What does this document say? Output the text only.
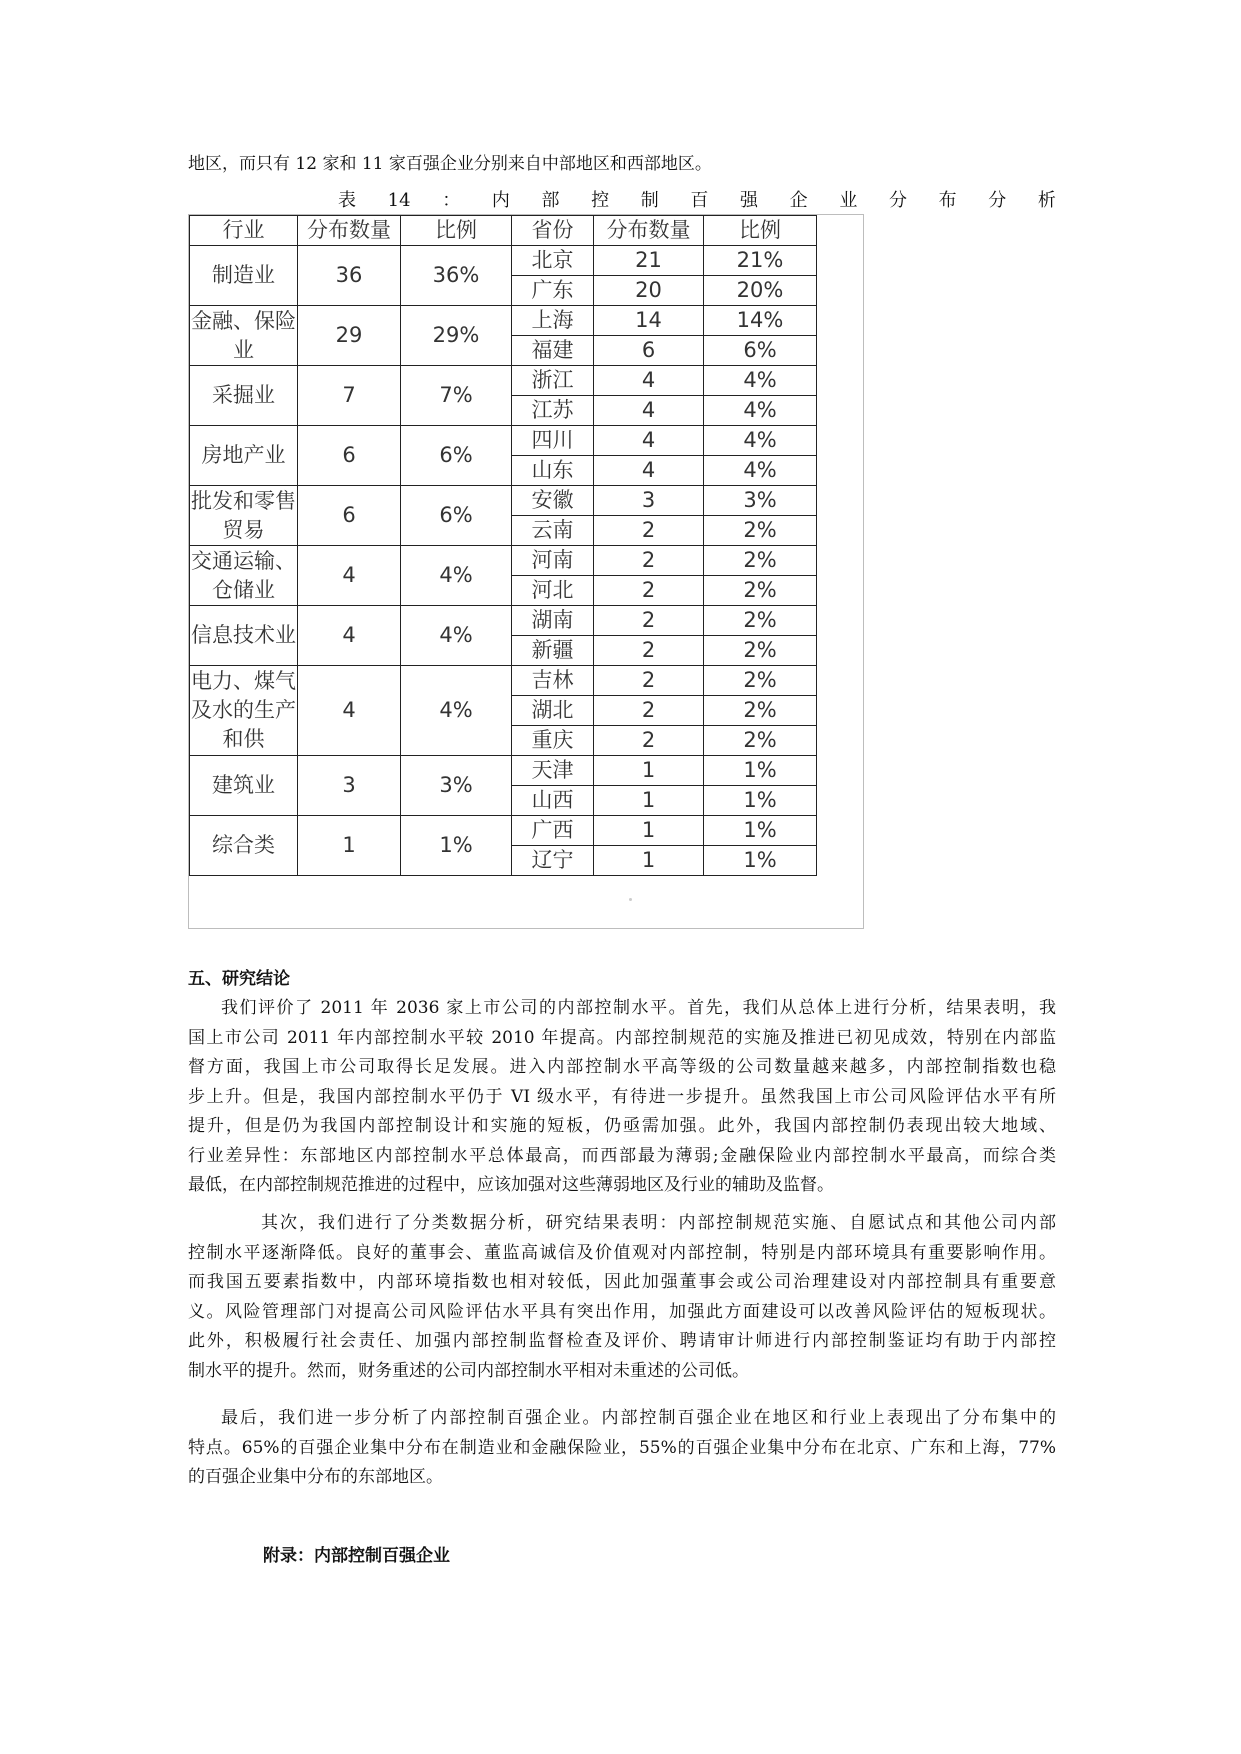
地区，而只有 12 家和 11 家百强企业分别来自中部地区和西部地区。
表 14 ： 内 部 控 制 百 强 企 业 分 布 分 析
行业	分布数量	比例	省份	分布数量	比例
制造业	36	36%	北京	21	21%
			广东	20	20%
金融、保险业	29	29%	上海	14	14%
			福建	6	6%
采掘业	7	7%	浙江	4	4%
			江苏	4	4%
房地产业	6	6%	四川	4	4%
			山东	4	4%
批发和零售贸易	6	6%	安徽	3	3%
			云南	2	2%
交通运输、仓储业	4	4%	河南	2	2%
			河北	2	2%
信息技术业	4	4%	湖南	2	2%
			新疆	2	2%
电力、煤气及水的生产和供	4	4%	吉林	2	2%
			湖北	2	2%
			重庆	2	2%
建筑业	3	3%	天津	1	1%
			山西	1	1%
综合类	1	1%	广西	1	1%
			辽宁	1	1%
五、研究结论
我们评价了 2011 年 2036 家上市公司的内部控制水平。首先，我们从总体上进行分析，结果表明，我
国上市公司 2011 年内部控制水平较 2010 年提高。内部控制规范的实施及推进已初见成效，特别在内部监
督方面，我国上市公司取得长足发展。进入内部控制水平高等级的公司数量越来越多，内部控制指数也稳
步上升。但是，我国内部控制水平仍于 VI 级水平，有待进一步提升。虽然我国上市公司风险评估水平有所
提升，但是仍为我国内部控制设计和实施的短板，仍亟需加强。此外，我国内部控制仍表现出较大地域、
行业差异性：东部地区内部控制水平总体最高，而西部最为薄弱;金融保险业内部控制水平最高，而综合类
最低，在内部控制规范推进的过程中，应该加强对这些薄弱地区及行业的辅助及监督。
其次，我们进行了分类数据分析，研究结果表明：内部控制规范实施、自愿试点和其他公司内部
控制水平逐渐降低。良好的董事会、董监高诚信及价值观对内部控制，特别是内部环境具有重要影响作用。
而我国五要素指数中，内部环境指数也相对较低，因此加强董事会或公司治理建设对内部控制具有重要意
义。风险管理部门对提高公司风险评估水平具有突出作用，加强此方面建设可以改善风险评估的短板现状。
此外，积极履行社会责任、加强内部控制监督检查及评价、聘请审计师进行内部控制鉴证均有助于内部控
制水平的提升。然而，财务重述的公司内部控制水平相对未重述的公司低。
最后，我们进一步分析了内部控制百强企业。内部控制百强企业在地区和行业上表现出了分布集中的
特点。65%的百强企业集中分布在制造业和金融保险业，55%的百强企业集中分布在北京、广东和上海，77%
的百强企业集中分布的东部地区。
附录：内部控制百强企业
